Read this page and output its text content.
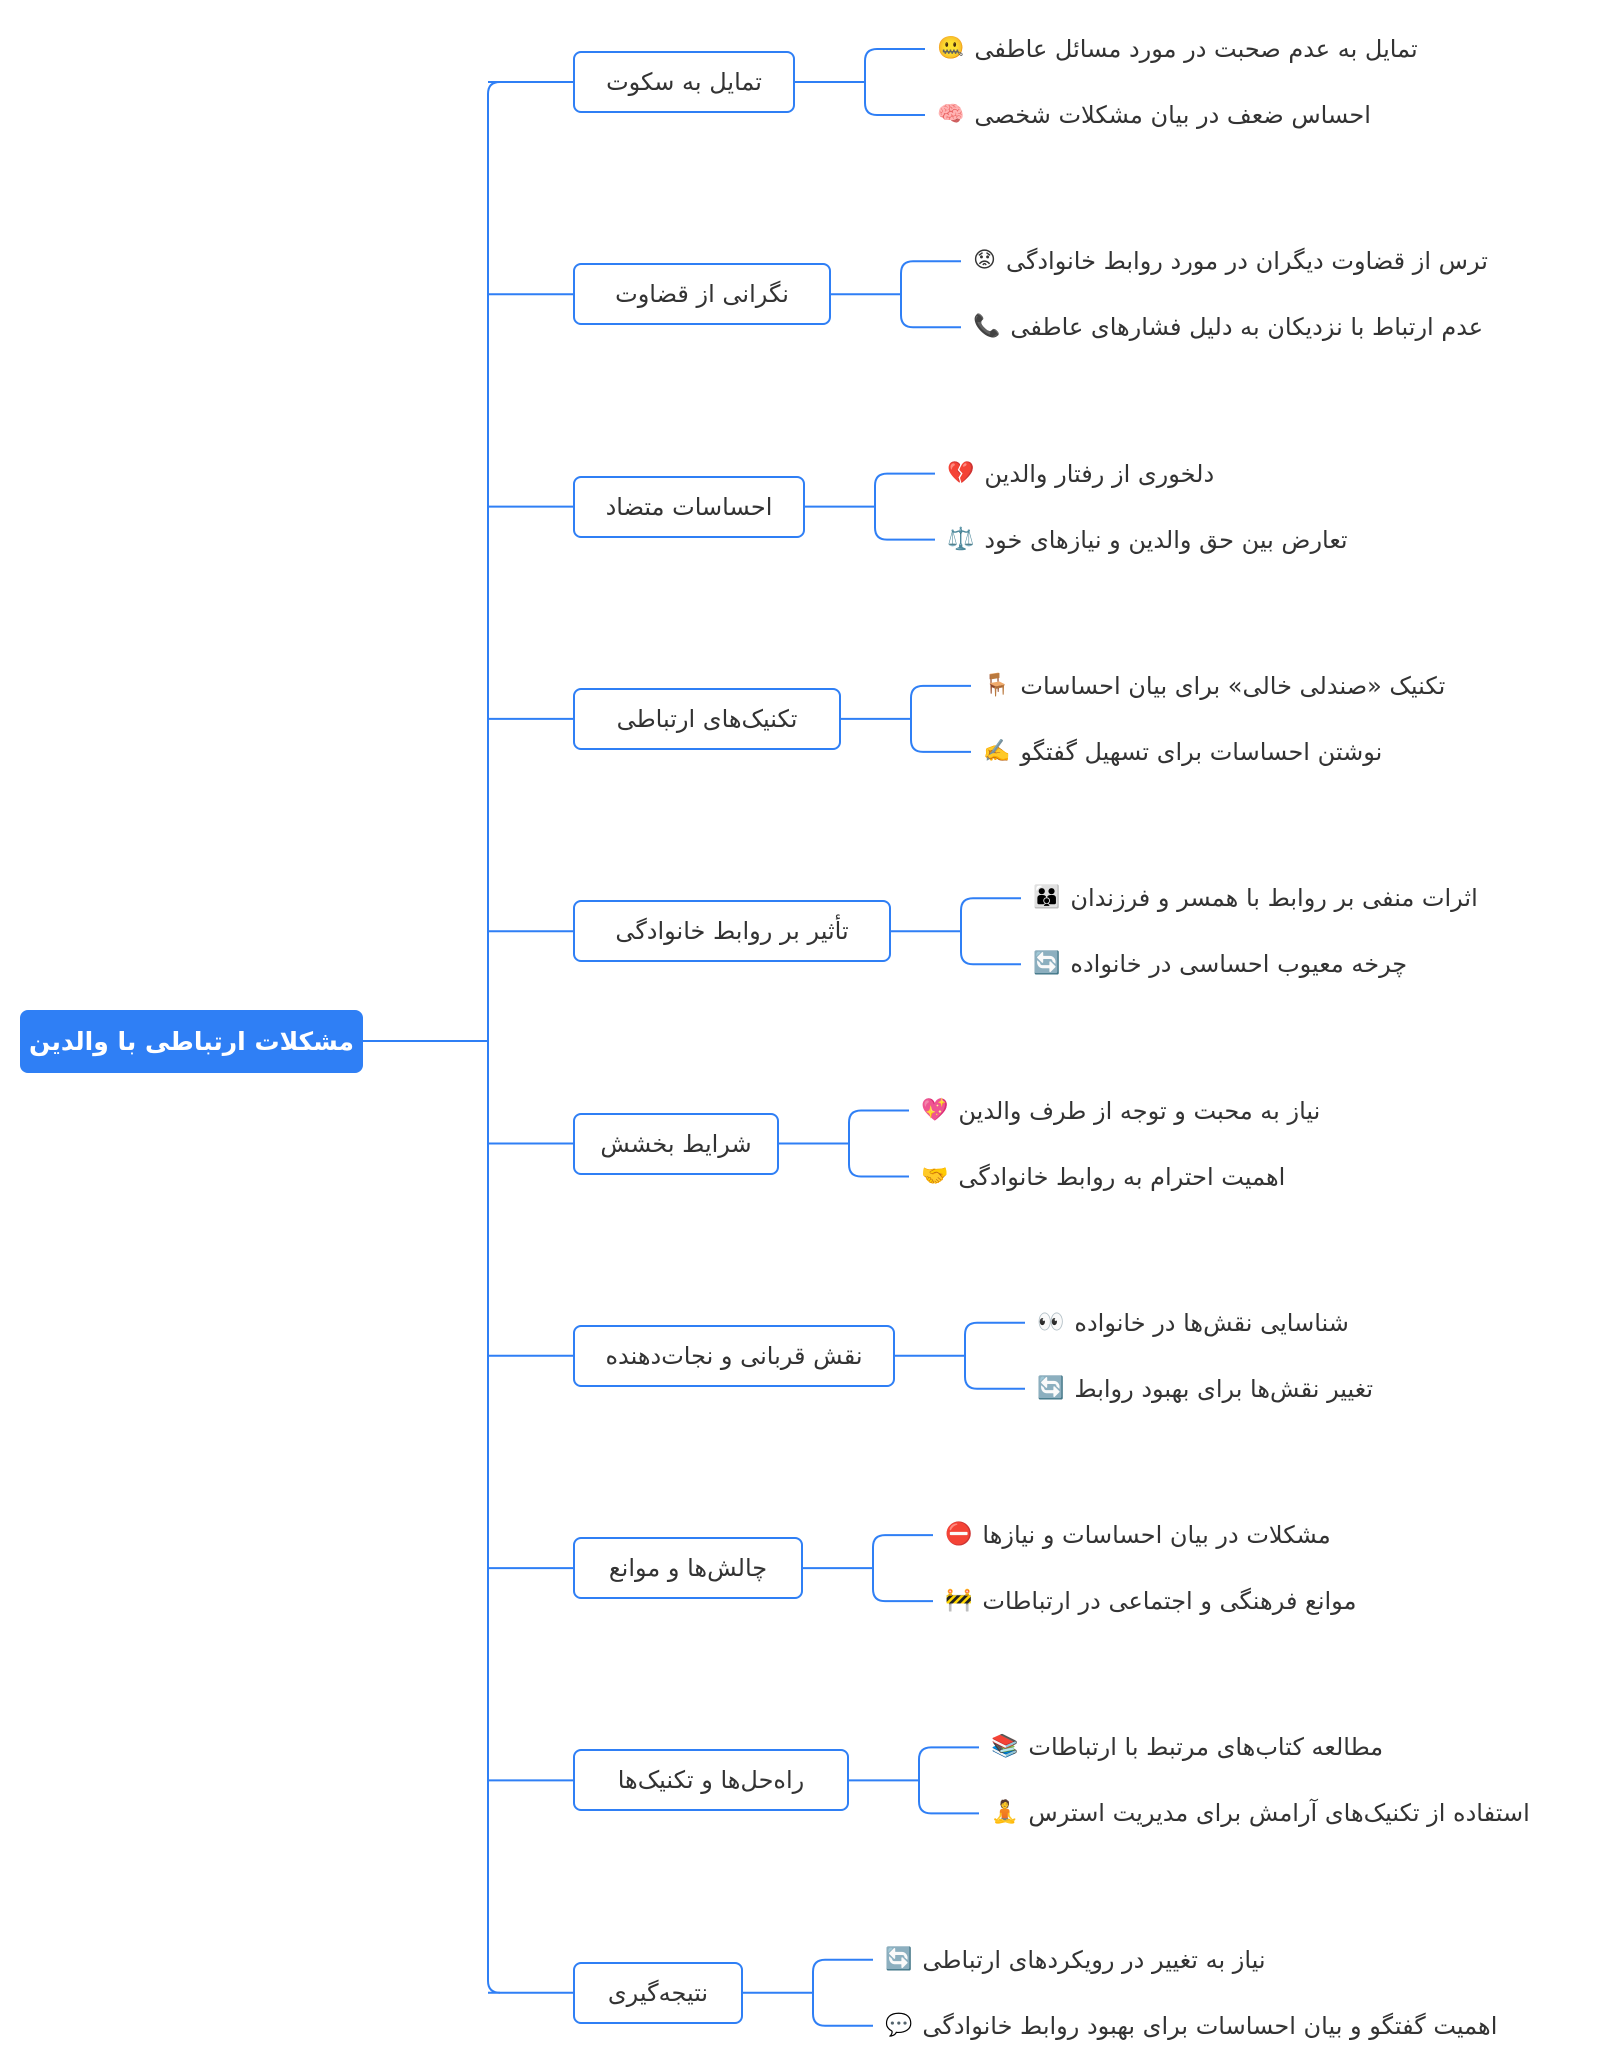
مشکلات ارتباطی با والدین
تمایل به سکوت
نگرانی از قضاوت
احساسات متضاد
تکنیک‌های ارتباطی
تأثیر بر روابط خانوادگی
شرایط بخشش
نقش قربانی و نجات‌دهنده
چالش‌ها و موانع
راه‌حل‌ها و تکنیک‌ها
نتیجه‌گیری
تمایل به عدم صحبت در مورد مسائل عاطفی
🤐
احساس ضعف در بیان مشکلات شخصی
🧠
ترس از قضاوت دیگران در مورد روابط خانوادگی
😟
عدم ارتباط با نزدیکان به دلیل فشارهای عاطفی
📞
دلخوری از رفتار والدین
💔
تعارض بین حق والدین و نیازهای خود
⚖️
تکنیک «صندلی خالی» برای بیان احساسات
🪑
نوشتن احساسات برای تسهیل گفتگو
✍️
اثرات منفی بر روابط با همسر و فرزندان
👪
چرخه معیوب احساسی در خانواده
🔄
نیاز به محبت و توجه از طرف والدین
💖
اهمیت احترام به روابط خانوادگی
🤝
شناسایی نقش‌ها در خانواده
👀
تغییر نقش‌ها برای بهبود روابط
🔄
مشکلات در بیان احساسات و نیازها
⛔
موانع فرهنگی و اجتماعی در ارتباطات
🚧
مطالعه کتاب‌های مرتبط با ارتباطات
📚
استفاده از تکنیک‌های آرامش برای مدیریت استرس
🧘
نیاز به تغییر در رویکردهای ارتباطی
🔄
اهمیت گفتگو و بیان احساسات برای بهبود روابط خانوادگی
💬
